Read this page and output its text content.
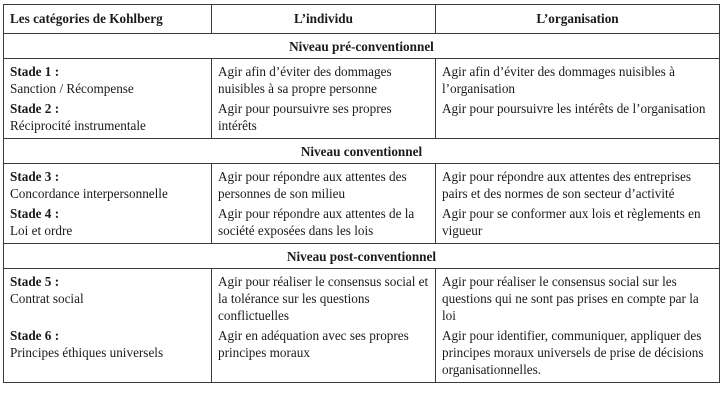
Les catégories de Kohlberg	L’individu	L’organisation
Niveau pré-conventionnel		

Stade 1 :
Sanction / Récompense	Agir afin d’éviter des dommages nuisibles à sa propre personne	Agir afin d’éviter des dommages nuisibles à l’organisation

Stade 2 :
Réciprocité instrumentale	Agir pour poursuivre ses propres intérêts	Agir pour poursuivre les intérêts de l’organisation
Niveau conventionnel		

Stade 3 :
Concordance interpersonnelle	Agir pour répondre aux attentes des personnes de son milieu	Agir pour répondre aux attentes des entreprises pairs et des normes de son secteur d’activité

Stade 4 :
Loi et ordre	Agir pour répondre aux attentes de la société exposées dans les lois	Agir pour se conformer aux lois et règlements en vigueur
Niveau post-conventionnel		

Stade 5 :
Contrat social	Agir pour réaliser le consensus social et la tolérance sur les questions conflictuelles	Agir pour réaliser le consensus social sur les questions qui ne sont pas prises en compte par la loi

Stade 6 :
Principes éthiques universels	Agir en adéquation avec ses propres principes moraux	Agir pour identifier, communiquer, appliquer des principes moraux universels de prise de décisions organisationnelles.
